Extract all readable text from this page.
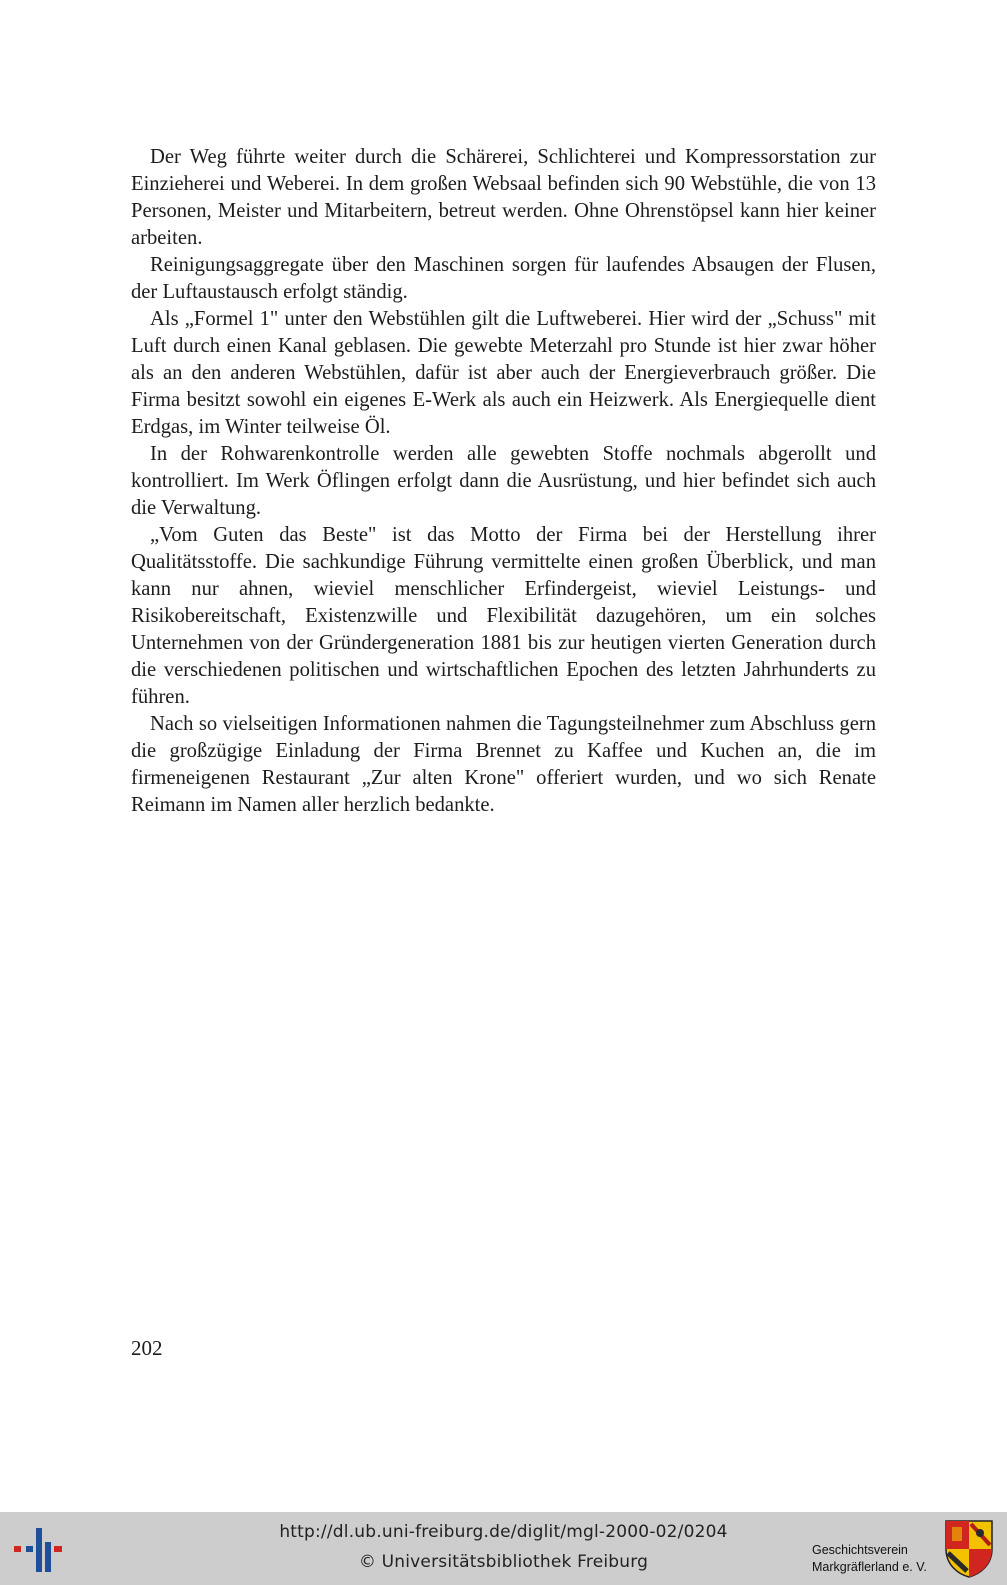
Der Weg führte weiter durch die Schärerei, Schlichterei und Kompressorstation zur Einzieherei und Weberei. In dem großen Websaal befinden sich 90 Webstühle, die von 13 Personen, Meister und Mitarbeitern, betreut werden. Ohne Ohrenstöpsel kann hier keiner arbeiten.

Reinigungsaggregate über den Maschinen sorgen für laufendes Absaugen der Flusen, der Luftaustausch erfolgt ständig.

Als „Formel 1" unter den Webstühlen gilt die Luftweberei. Hier wird der „Schuss" mit Luft durch einen Kanal geblasen. Die gewebte Meterzahl pro Stunde ist hier zwar höher als an den anderen Webstühlen, dafür ist aber auch der Energieverbrauch größer. Die Firma besitzt sowohl ein eigenes E-Werk als auch ein Heizwerk. Als Energiequelle dient Erdgas, im Winter teilweise Öl.

In der Rohwarenkontrolle werden alle gewebten Stoffe nochmals abgerollt und kontrolliert. Im Werk Öflingen erfolgt dann die Ausrüstung, und hier befindet sich auch die Verwaltung.

„Vom Guten das Beste" ist das Motto der Firma bei der Herstellung ihrer Qualitätsstoffe. Die sachkundige Führung vermittelte einen großen Überblick, und man kann nur ahnen, wieviel menschlicher Erfindergeist, wieviel Leistungs- und Risikobereitschaft, Existenzwille und Flexibilität dazugehören, um ein solches Unternehmen von der Gründergeneration 1881 bis zur heutigen vierten Generation durch die verschiedenen politischen und wirtschaftlichen Epochen des letzten Jahrhunderts zu führen.

Nach so vielseitigen Informationen nahmen die Tagungsteilnehmer zum Abschluss gern die großzügige Einladung der Firma Brennet zu Kaffee und Kuchen an, die im firmeneigenen Restaurant „Zur alten Krone" offeriert wurden, und wo sich Renate Reimann im Namen aller herzlich bedankte.

202
http://dl.ub.uni-freiburg.de/diglit/mgl-2000-02/0204
© Universitätsbibliothek Freiburg
Geschichtsverein
Markgräflerland e. V.
